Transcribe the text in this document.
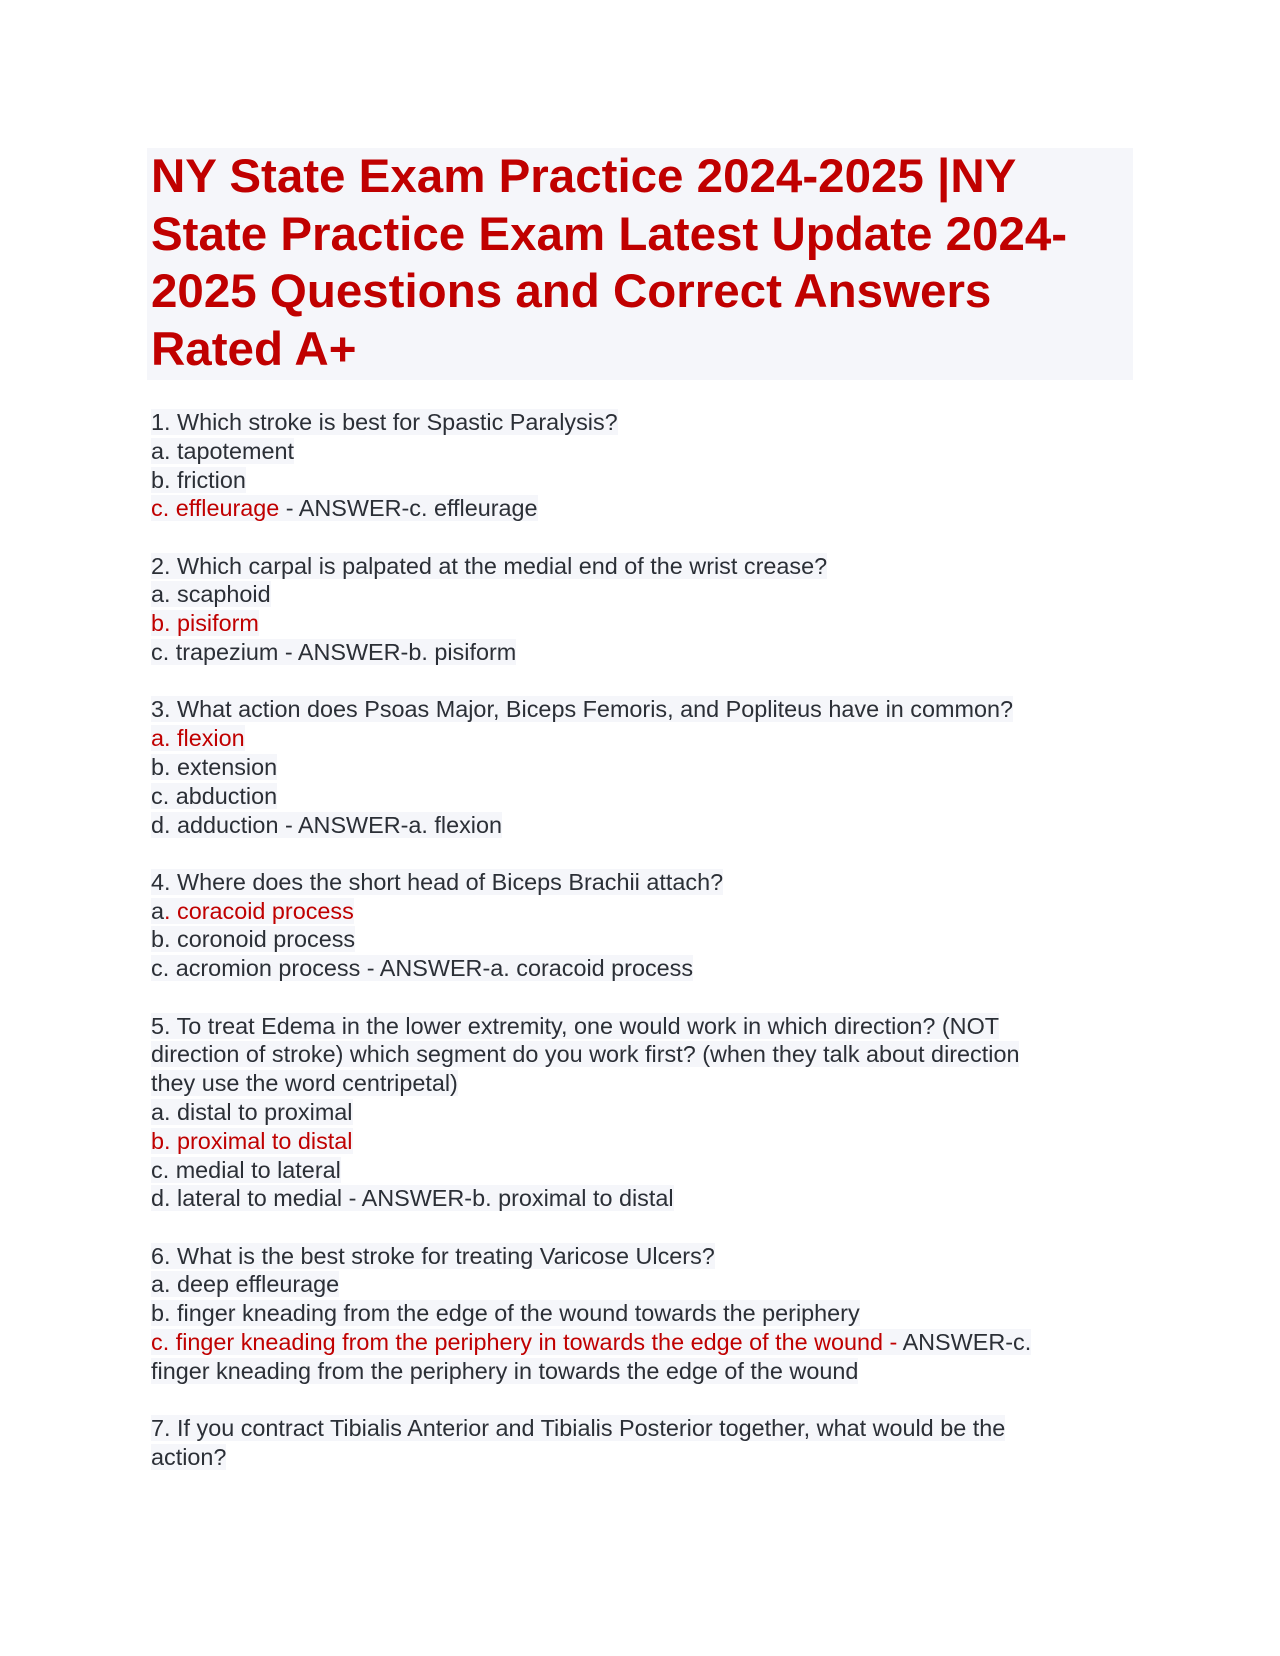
NY State Exam Practice 2024-2025 |NY
State Practice Exam Latest Update 2024-
2025 Questions and Correct Answers
Rated A+
1. Which stroke is best for Spastic Paralysis?
a. tapotement
b. friction
c. effleurage - ANSWER-c. effleurage
2. Which carpal is palpated at the medial end of the wrist crease?
a. scaphoid
b. pisiform
c. trapezium - ANSWER-b. pisiform
3. What action does Psoas Major, Biceps Femoris, and Popliteus have in common?
a. flexion
b. extension
c. abduction
d. adduction - ANSWER-a. flexion
4. Where does the short head of Biceps Brachii attach?
a. coracoid process
b. coronoid process
c. acromion process - ANSWER-a. coracoid process
5. To treat Edema in the lower extremity, one would work in which direction? (NOT
direction of stroke) which segment do you work first? (when they talk about direction
they use the word centripetal)
a. distal to proximal
b. proximal to distal
c. medial to lateral
d. lateral to medial - ANSWER-b. proximal to distal
6. What is the best stroke for treating Varicose Ulcers?
a. deep effleurage
b. finger kneading from the edge of the wound towards the periphery
c. finger kneading from the periphery in towards the edge of the wound - ANSWER-c.
finger kneading from the periphery in towards the edge of the wound
7. If you contract Tibialis Anterior and Tibialis Posterior together, what would be the
action?
